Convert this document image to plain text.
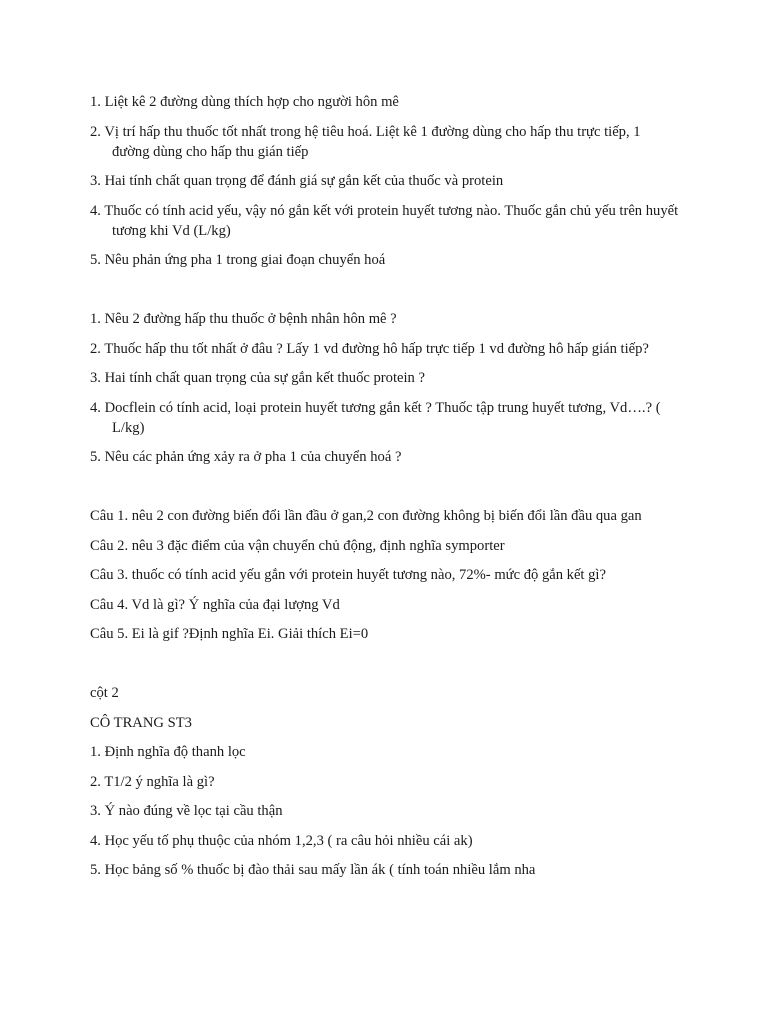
1. Liệt kê 2 đường dùng thích hợp cho người hôn mê

2. Vị trí hấp thu thuốc tốt nhất trong hệ tiêu hoá. Liệt kê 1 đường dùng cho hấp thu trực tiếp, 1 đường dùng cho hấp thu gián tiếp

3. Hai tính chất quan trọng để đánh giá sự gắn kết của thuốc và protein

4. Thuốc có tính acid yếu, vậy nó gắn kết với protein huyết tương nào. Thuốc gắn chủ yếu trên huyết tương khi Vd (L/kg)

5. Nêu phản ứng pha 1 trong giai đoạn chuyển hoá

1. Nêu 2 đường hấp thu thuốc ở bệnh nhân hôn mê ?

2. Thuốc hấp thu tốt nhất ở đâu ? Lấy 1 vd đường hô hấp trực tiếp 1 vd đường hô hấp gián tiếp?

3. Hai tính chất quan trọng của sự gắn kết thuốc protein ?

4. Docflein có tính acid, loại protein huyết tương gắn kết ? Thuốc tập trung huyết tương, Vd….? ( L/kg)

5. Nêu các phản ứng xảy ra ở pha 1 của chuyển hoá ?

Câu 1. nêu 2 con đường biến đổi lần đầu ở gan,2 con đường không bị biến đổi lần đầu qua gan

Câu 2. nêu 3 đặc điểm của vận chuyển chủ động, định nghĩa symporter

Câu 3. thuốc có tính acid yếu gắn với protein huyết tương nào, 72%- mức độ gắn kết gì?

Câu 4. Vd là gì? Ý nghĩa của đại lượng Vd

Câu 5. Ei là gif ?Định nghĩa Ei. Giải thích Ei=0

cột 2

CÔ TRANG ST3

1. Định nghĩa độ thanh lọc

2. T1/2 ý nghĩa là gì?

3. Ý nào đúng về lọc tại cầu thận

4. Học yếu tố phụ thuộc của nhóm 1,2,3 ( ra câu hỏi nhiều cái ak)

5. Học bảng số % thuốc bị đào thải sau mấy lần ák ( tính toán nhiều lắm nha
